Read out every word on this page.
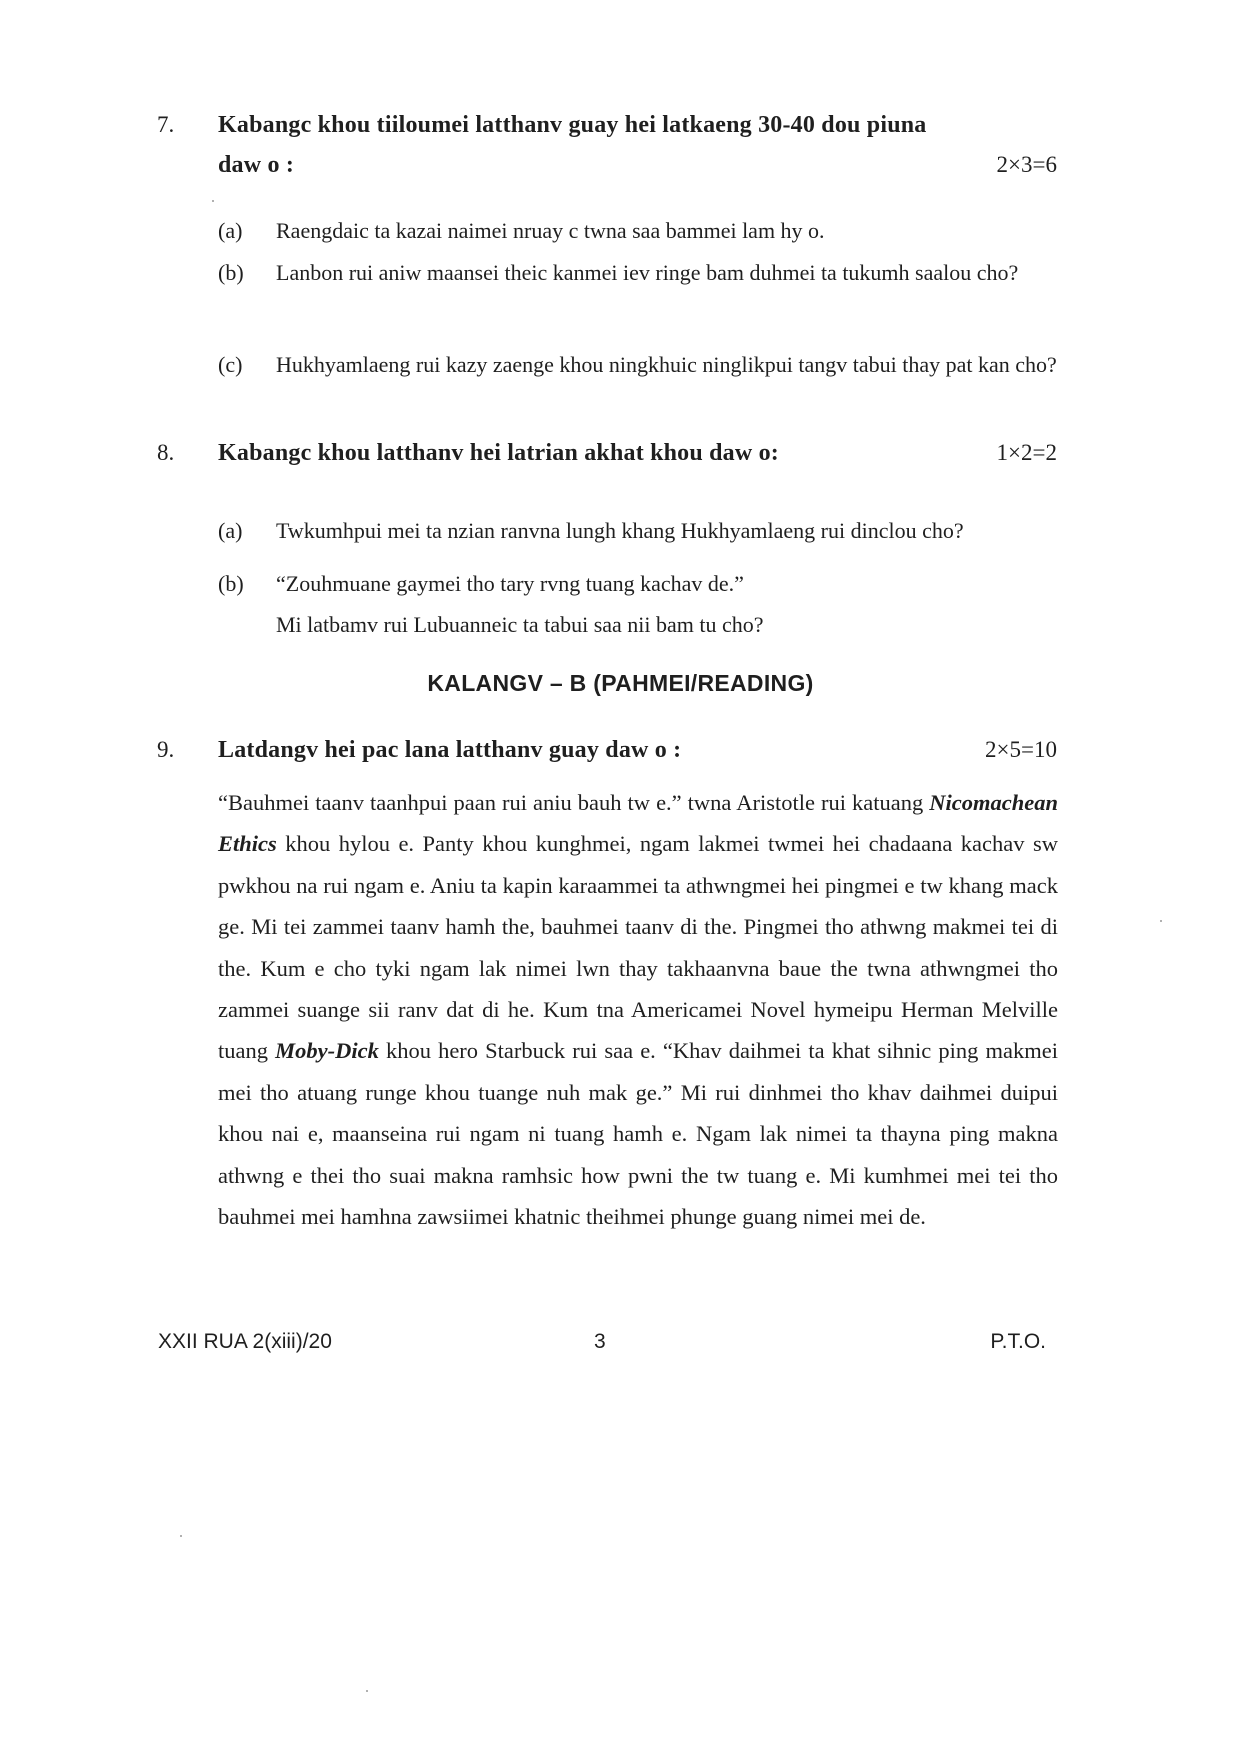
7. Kabangc khou tiiloumei latthanv guay hei latkaeng 30-40 dou piuna
daw o :	2×3=6
(a) Raengdaic ta kazai naimei nruay c twna saa bammei lam hy o.
(b) Lanbon rui aniw maansei theic kanmei iev ringe bam duhmei ta tukumh saalou cho?
(c) Hukhyamlaeng rui kazy zaenge khou ningkhuic ninglikpui tangv tabui thay pat kan cho?
8. Kabangc khou latthanv hei latrian akhat khou daw o:	1×2=2
(a) Twkumhpui mei ta nzian ranvna lungh khang Hukhyamlaeng rui dinclou cho?
(b) “Zouhmuane gaymei tho tary rvng tuang kachav de.”
Mi latbamv rui Lubuanneic ta tabui saa nii bam tu cho?
KALANGV – B (PAHMEI/READING)
9. Latdangv hei pac lana latthanv guay daw o :	2×5=10
“Bauhmei taanv taanhpui paan rui aniu bauh tw e.” twna Aristotle rui katuang Nicomachean Ethics khou hylou e. Panty khou kunghmei, ngam lakmei twmei hei chadaana kachav sw pwkhou na rui ngam e. Aniu ta kapin karaammei ta athwngmei hei pingmei e tw khang mack ge. Mi tei zammei taanv hamh the, bauhmei taanv di the. Pingmei tho athwng makmei tei di the. Kum e cho tyki ngam lak nimei lwn thay takhaanvna baue the twna athwngmei tho zammei suange sii ranv dat di he. Kum tna Americamei Novel hymeipu Herman Melville tuang Moby-Dick khou hero Starbuck rui saa e. “Khav daihmei ta khat sihnic ping makmei mei tho atuang runge khou tuange nuh mak ge.” Mi rui dinhmei tho khav daihmei duipui khou nai e, maanseina rui ngam ni tuang hamh e. Ngam lak nimei ta thayna ping makna athwng e thei tho suai makna ramhsic how pwni the tw tuang e. Mi kumhmei mei tei tho bauhmei mei hamhna zawsiimei khatnic theihmei phunge guang nimei mei de.
XXII RUA 2(xiii)/20	3	P.T.O.
